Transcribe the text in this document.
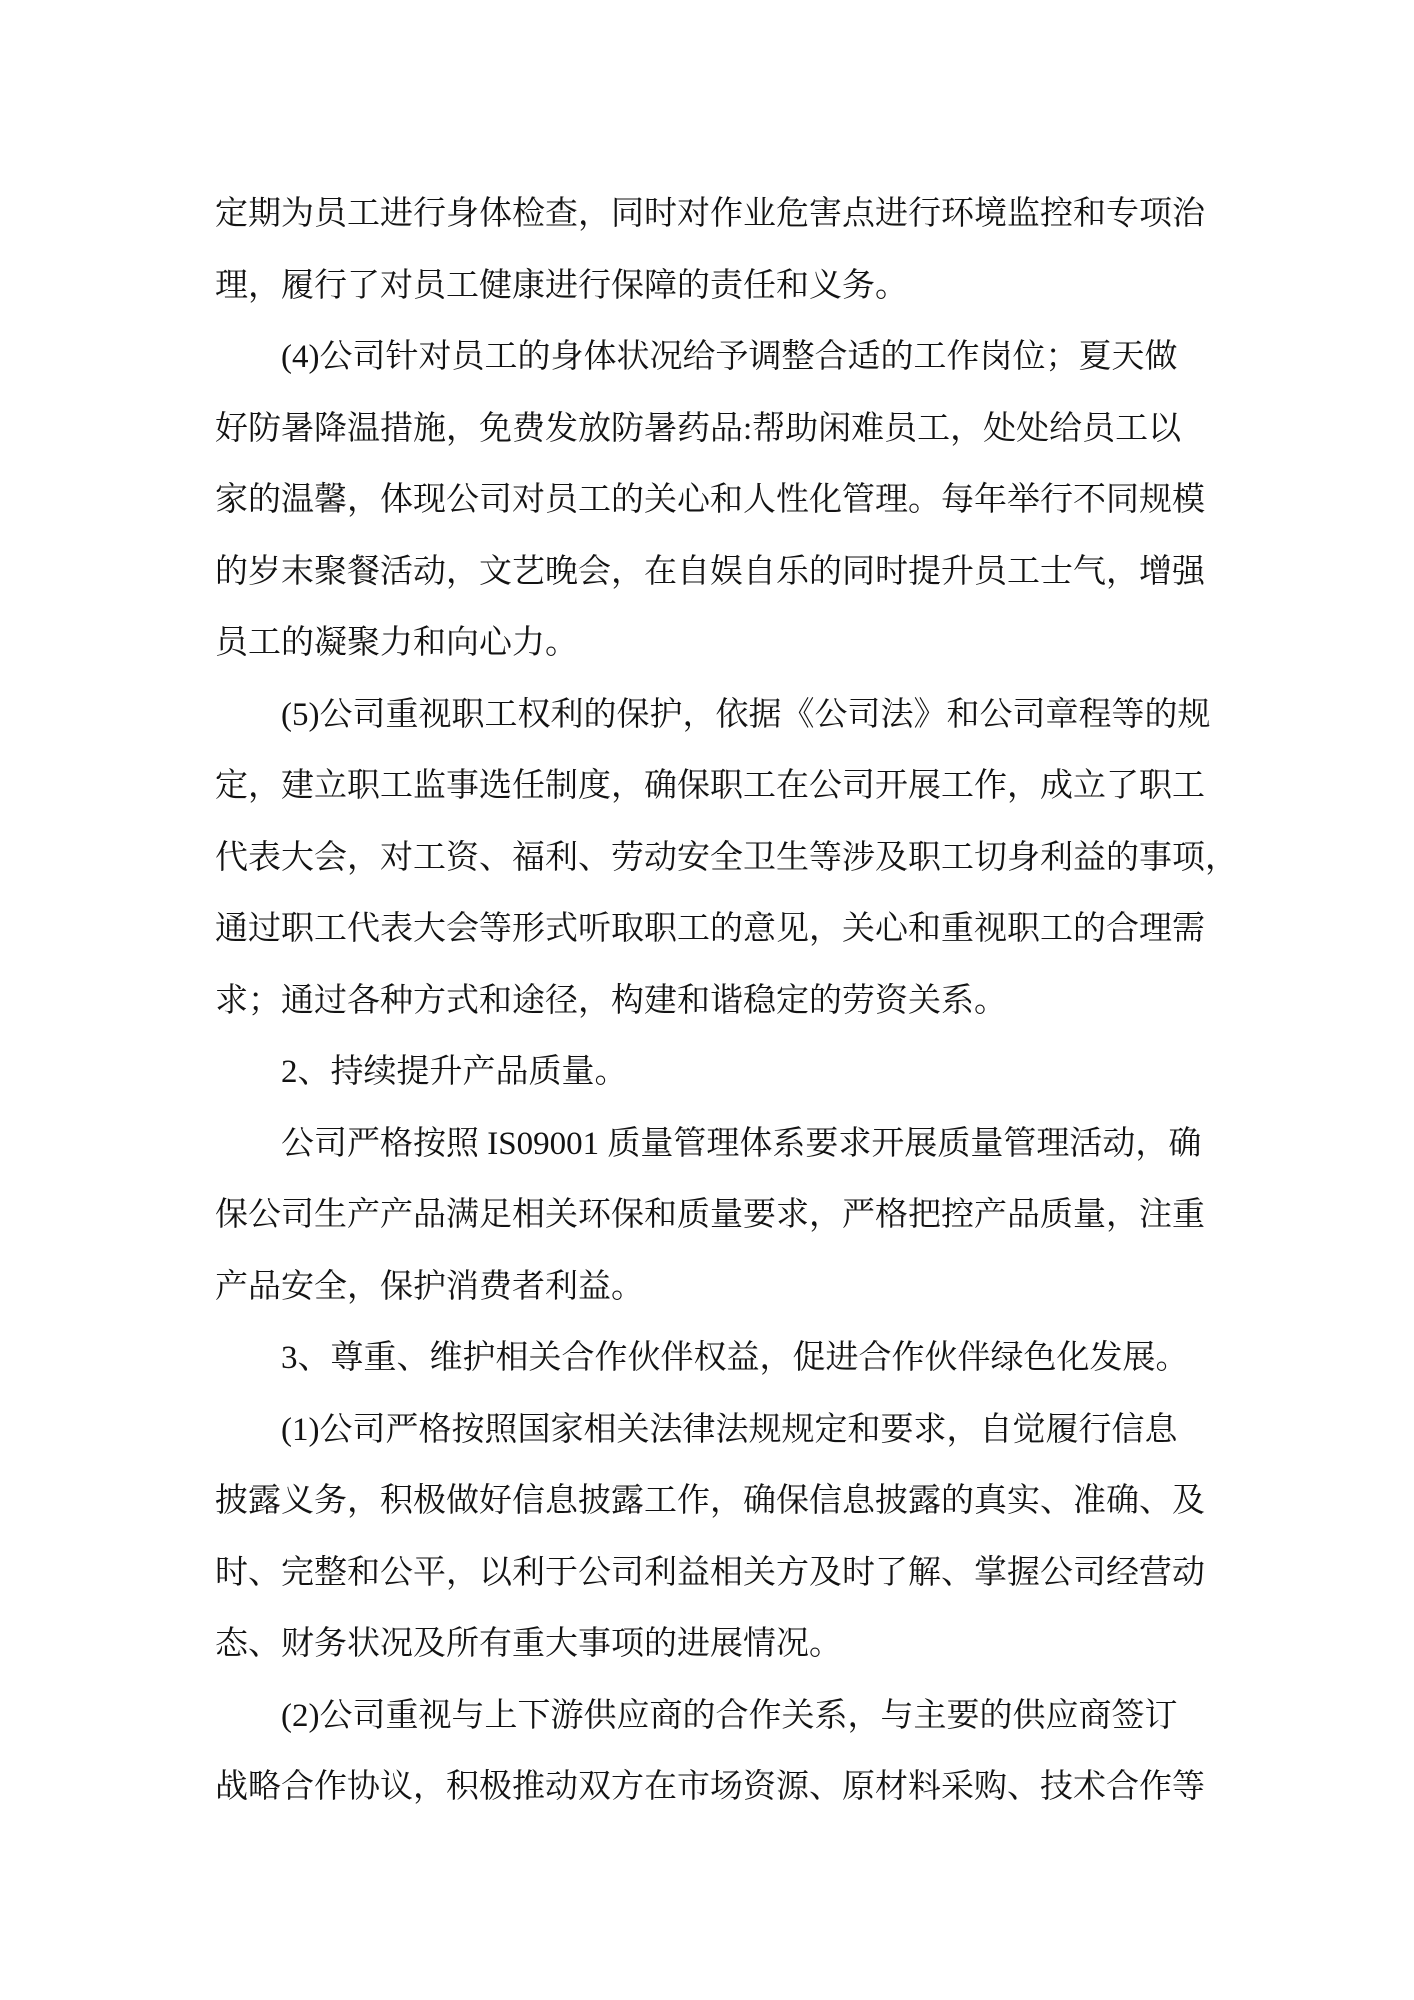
定期为员工进行身体检查，同时对作业危害点进行环境监控和专项治
理，履行了对员工健康进行保障的责任和义务。
(4)公司针对员工的身体状况给予调整合适的工作岗位；夏天做
好防暑降温措施，免费发放防暑药品:帮助闲难员工，处处给员工以
家的温馨，体现公司对员工的关心和人性化管理。每年举行不同规模
的岁末聚餐活动，文艺晚会，在自娱自乐的同时提升员工士气，增强
员工的凝聚力和向心力。
(5)公司重视职工权利的保护，依据《公司法》和公司章程等的规
定，建立职工监事选任制度，确保职工在公司开展工作，成立了职工
代表大会，对工资、福利、劳动安全卫生等涉及职工切身利益的事项，
通过职工代表大会等形式听取职工的意见，关心和重视职工的合理需
求；通过各种方式和途径，构建和谐稳定的劳资关系。
2、持续提升产品质量。
公司严格按照 IS09001 质量管理体系要求开展质量管理活动，确
保公司生产产品满足相关环保和质量要求，严格把控产品质量，注重
产品安全，保护消费者利益。
3、尊重、维护相关合作伙伴权益，促进合作伙伴绿色化发展。
(1)公司严格按照国家相关法律法规规定和要求，自觉履行信息
披露义务，积极做好信息披露工作，确保信息披露的真实、准确、及
时、完整和公平，以利于公司利益相关方及时了解、掌握公司经营动
态、财务状况及所有重大事项的进展情况。
(2)公司重视与上下游供应商的合作关系，与主要的供应商签订
战略合作协议，积极推动双方在市场资源、原材料采购、技术合作等
